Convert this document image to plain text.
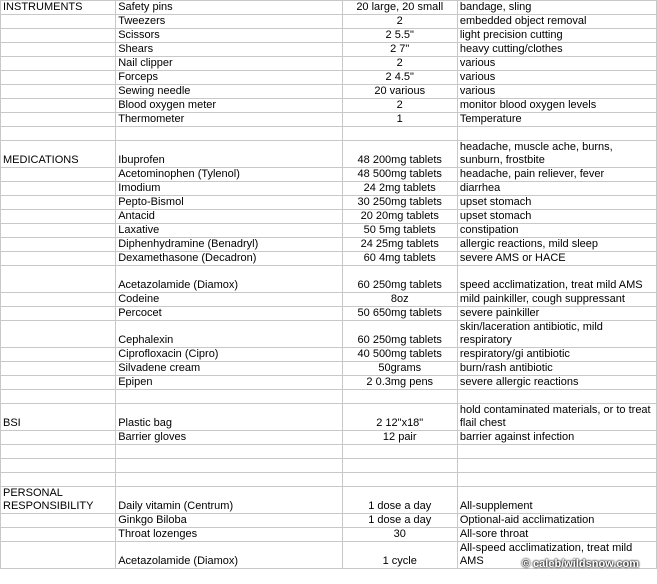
INSTRUMENTS	Safety pins	20 large, 20 small	bandage, sling
	Tweezers	2	embedded object removal
	Scissors	2 5.5"	light precision cutting
	Shears	2 7"	heavy cutting/clothes
	Nail clipper	2	various
	Forceps	2 4.5"	various
	Sewing needle	20 various	various
	Blood oxygen meter	2	monitor blood oxygen levels
	Thermometer	1	Temperature

MEDICATIONS	Ibuprofen	48 200mg tablets	headache, muscle ache, burns, sunburn, frostbite
	Acetominophen (Tylenol)	48 500mg tablets	headache, pain reliever, fever
	Imodium	24 2mg tablets	diarrhea
	Pepto-Bismol	30 250mg tablets	upset stomach
	Antacid	20 20mg tablets	upset stomach
	Laxative	50 5mg tablets	constipation
	Diphenhydramine (Benadryl)	24 25mg tablets	allergic reactions, mild sleep
	Dexamethasone (Decadron)	60 4mg tablets	severe AMS or HACE
	Acetazolamide (Diamox)	60 250mg tablets	speed acclimatization, treat mild AMS
	Codeine	8oz	mild painkiller, cough suppressant
	Percocet	50 650mg tablets	severe painkiller
	Cephalexin	60 250mg tablets	skin/laceration antibiotic, mild respiratory
	Ciprofloxacin (Cipro)	40 500mg tablets	respiratory/gi antibiotic
	Silvadene cream	50grams	burn/rash antibiotic
	Epipen	2 0.3mg pens	severe allergic reactions

BSI	Plastic bag	2 12"x18"	hold contaminated materials, or to treat flail chest
	Barrier gloves	12 pair	barrier against infection

PERSONAL RESPONSIBILITY	Daily vitamin (Centrum)	1 dose a day	All-supplement
	Ginkgo Biloba	1 dose a day	Optional-aid acclimatization
	Throat lozenges	30	All-sore throat
	Acetazolamide (Diamox)	1 cycle	All-speed acclimatization, treat mild AMS	© caleb/wildsnow.com
